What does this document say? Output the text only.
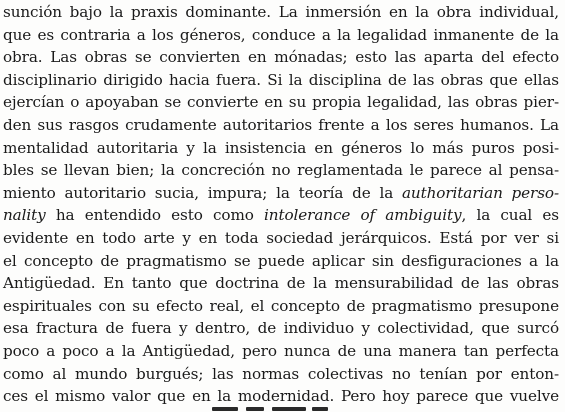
sunción bajo la praxis dominante. La inmersión en la obra individual,
que es contraria a los géneros, conduce a la legalidad inmanente de la
obra. Las obras se convierten en mónadas; esto las aparta del efecto
disciplinario dirigido hacia fuera. Si la disciplina de las obras que ellas
ejercían o apoyaban se convierte en su propia legalidad, las obras pier-
den sus rasgos crudamente autoritarios frente a los seres humanos. La
mentalidad autoritaria y la insistencia en géneros lo más puros posi-
bles se llevan bien; la concreción no reglamentada le parece al pensa-
miento autoritario sucia, impura; la teoría de la authoritarian perso-
nality ha entendido esto como intolerance of ambiguity, la cual es
evidente en todo arte y en toda sociedad jerárquicos. Está por ver si
el concepto de pragmatismo se puede aplicar sin desfiguraciones a la
Antigüedad. En tanto que doctrina de la mensurabilidad de las obras
espirituales con su efecto real, el concepto de pragmatismo presupone
esa fractura de fuera y dentro, de individuo y colectividad, que surcó
poco a poco a la Antigüedad, pero nunca de una manera tan perfecta
como al mundo burgués; las normas colectivas no tenían por enton-
ces el mismo valor que en la modernidad. Pero hoy parece que vuelve
